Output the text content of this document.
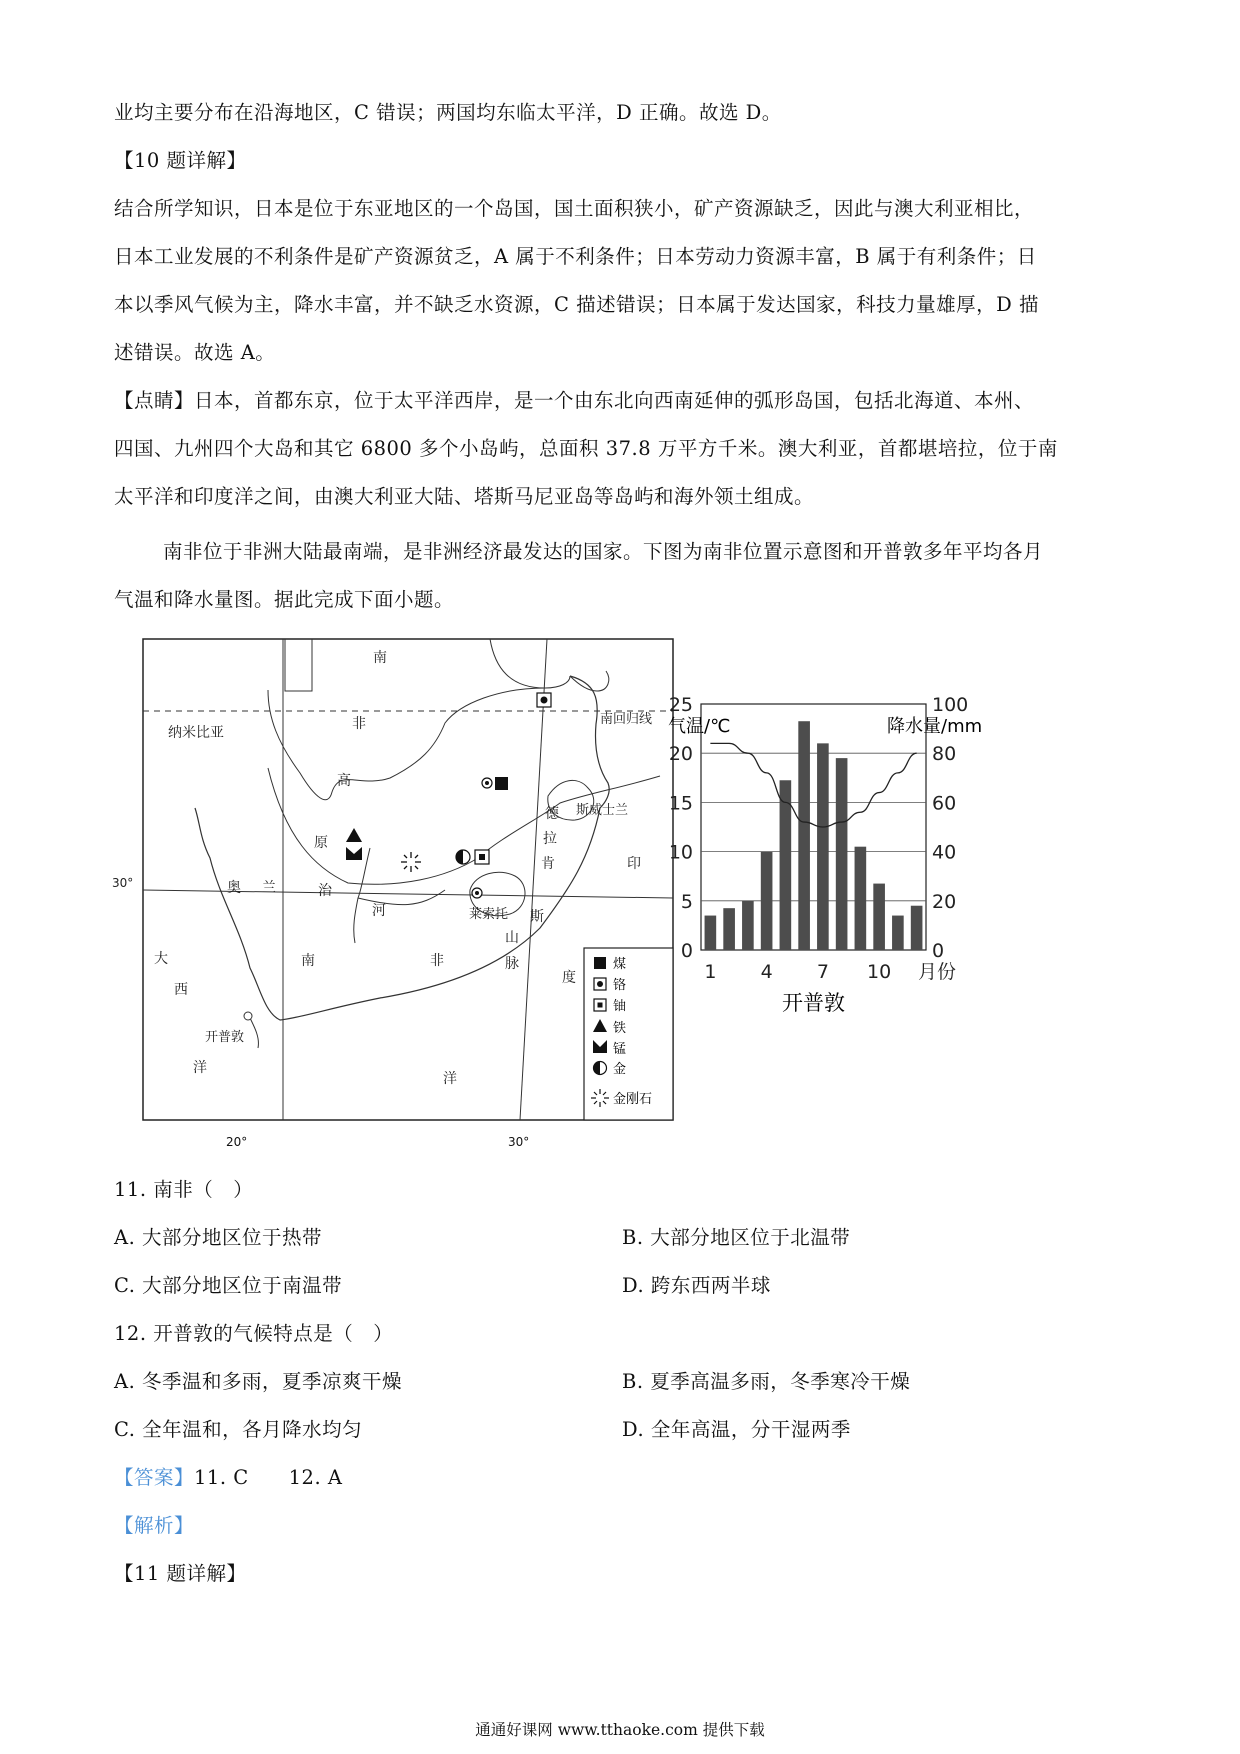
业均主要分布在沿海地区，C 错误；两国均东临太平洋，D 正确。故选 D。
【10 题详解】
结合所学知识，日本是位于东亚地区的一个岛国，国土面积狭小，矿产资源缺乏，因此与澳大利亚相比，
日本工业发展的不利条件是矿产资源贫乏，A 属于不利条件；日本劳动力资源丰富，B 属于有利条件；日
本以季风气候为主，降水丰富，并不缺乏水资源，C 描述错误；日本属于发达国家，科技力量雄厚，D 描
述错误。故选 A。
【点睛】日本，首都东京，位于太平洋西岸，是一个由东北向西南延伸的弧形岛国，包括北海道、本州、
四国、九州四个大岛和其它 6800 多个小岛屿，总面积 37.8 万平方千米。澳大利亚，首都堪培拉，位于南
太平洋和印度洋之间，由澳大利亚大陆、塔斯马尼亚岛等岛屿和海外领土组成。
南非位于非洲大陆最南端，是非洲经济最发达的国家。下图为南非位置示意图和开普敦多年平均各月
气温和降水量图。据此完成下面小题。
南
纳米比亚
非
高
原
南回归线
德
拉
肯
斯
山
脉
斯威士兰
莱索托
印
度
奥 兰	治
河
大
西
洋
开普敦
南	非
洋
30°
煤
铬
铀
铁
锰
金
金刚石
气温/℃	降水量/mm
开普敦
0
5
10
15
20
25
0
20
40
60
80
100
1 4 7 10 月份
20°	30°
11. 南非（　）
A. 大部分地区位于热带	B. 大部分地区位于北温带
C. 大部分地区位于南温带	D. 跨东西两半球
12. 开普敦的气候特点是（　）
A. 冬季温和多雨，夏季凉爽干燥	B. 夏季高温多雨，冬季寒冷干燥
C. 全年温和，各月降水均匀	D. 全年高温，分干湿两季
【答案】11. C　　12. A
【解析】
【11 题详解】
通通好课网 www.tthaoke.com 提供下载
